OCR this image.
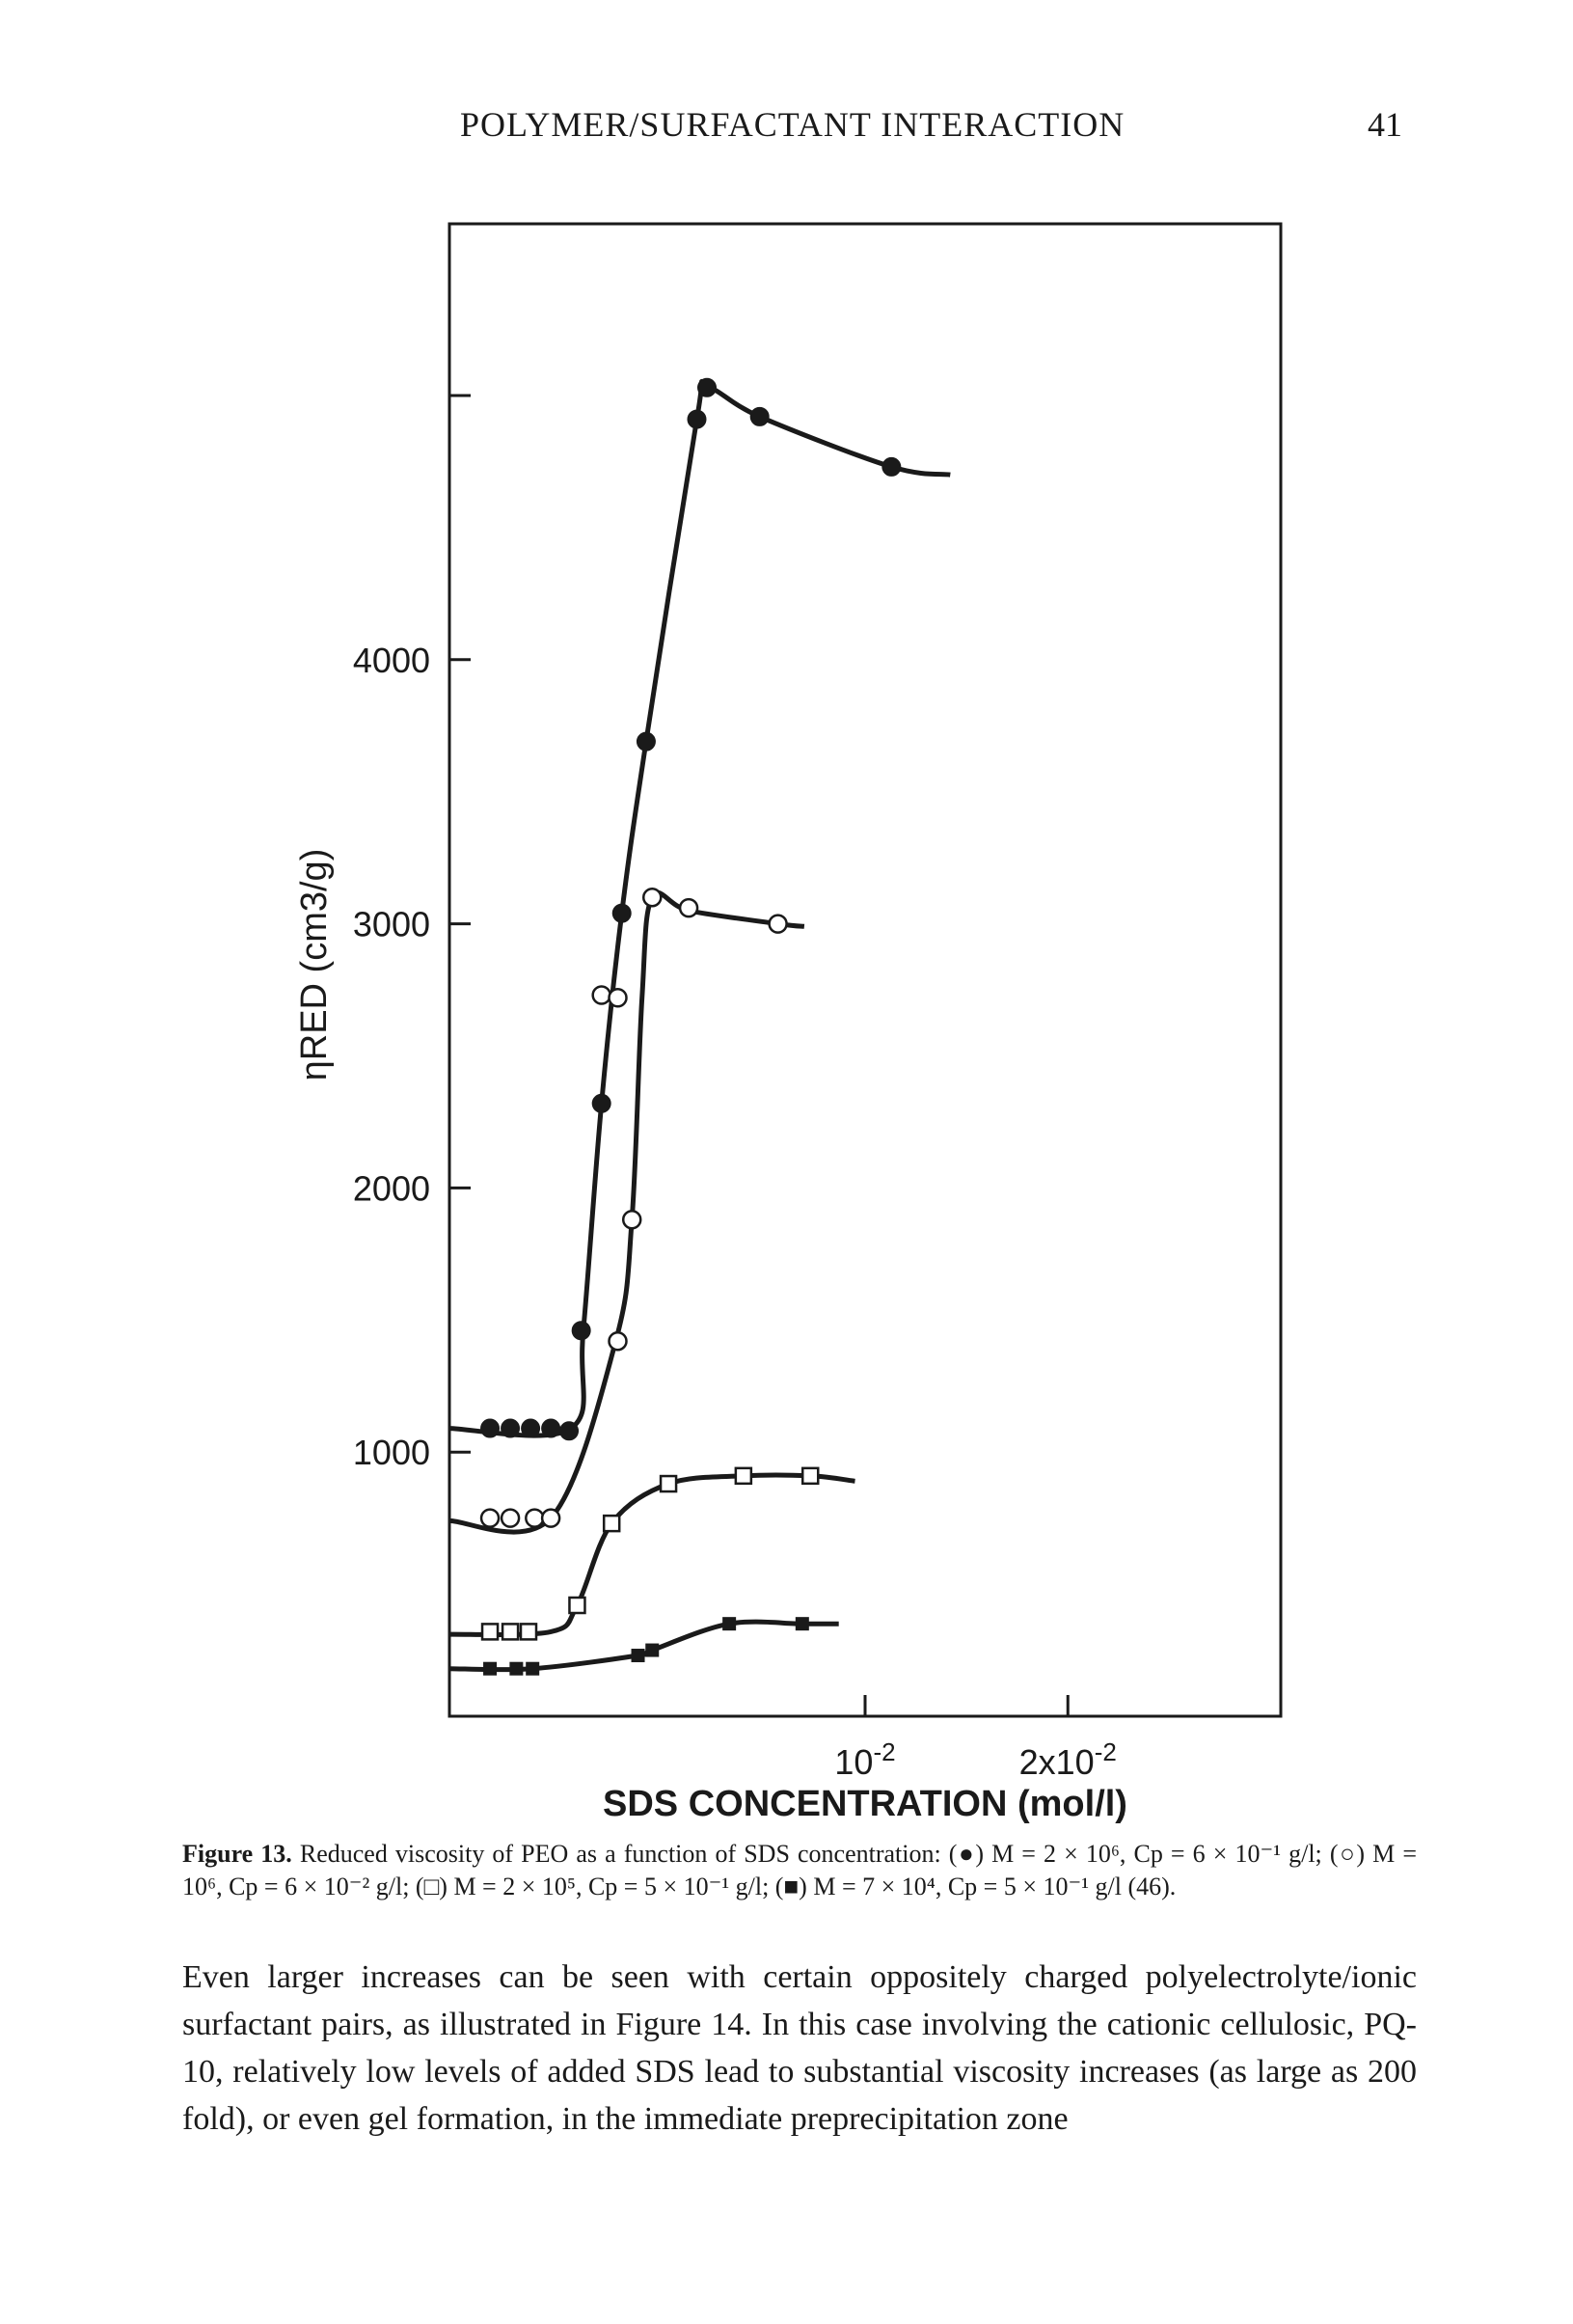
POLYMER/SURFACTANT INTERACTION	41
1000
2000
3000
4000
$10^{-2}$	$2x10^{-2}$
SDS CONCENTRATION (mol/l)
ηRED (cm3/g)
Figure 13. Reduced viscosity of PEO as a function of SDS concentration: (●) M = 2 × 10⁶, Cp = 6 × 10⁻¹ g/l; (○) M = 10⁶, Cp = 6 × 10⁻² g/l; (□) M = 2 × 10⁵, Cp = 5 × 10⁻¹ g/l; (■) M = 7 × 10⁴, Cp = 5 × 10⁻¹ g/l (46).
Even larger increases can be seen with certain oppositely charged polyelectrolyte/ionic surfactant pairs, as illustrated in Figure 14. In this case involving the cationic cellulosic, PQ-10, relatively low levels of added SDS lead to substantial viscosity increases (as large as 200 fold), or even gel formation, in the immediate preprecipitation zone
